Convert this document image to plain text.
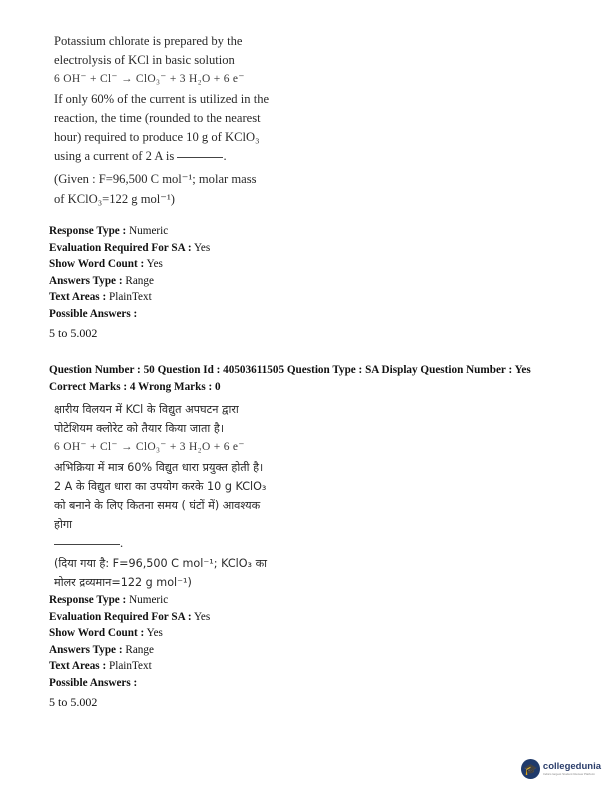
Potassium chlorate is prepared by the

electrolysis of KCl in basic solution

6 OH⁻ + Cl⁻ → ClO₃⁻ + 3 H₂O + 6 e⁻

If only 60% of the current is utilized in the

reaction, the time (rounded to the nearest

hour) required to produce 10 g of KClO₃

using a current of 2 A is	.

(Given : F=96,500 C mol⁻¹; molar mass

of KClO₃=122 g mol⁻¹)

Response Type : Numeric
Evaluation Required For SA : Yes
Show Word Count : Yes
Answers Type : Range
Text Areas : PlainText
Possible Answers :
5 to 5.002
Question Number : 50 Question Id : 40503611505 Question Type : SA Display Question Number : Yes
Correct Marks : 4 Wrong Marks : 0

क्षारीय विलयन में KCl के विद्युत अपघटन द्वारा

पोटेशियम क्लोरेट को तैयार किया जाता है।

6 OH⁻ + Cl⁻ → ClO₃⁻ + 3 H₂O + 6 e⁻

अभिक्रिया में मात्र 60% विद्युत धारा प्रयुक्त होती है।

2 A के विद्युत धारा का उपयोग करके 10 g KClO₃

को बनाने के लिए कितना समय ( घंटों में) आवश्यक

होगा

.

(दिया गया है: F=96,500 C mol⁻¹; KClO₃ का

मोलर द्रव्यमान=122 g mol⁻¹)

Response Type : Numeric
Evaluation Required For SA : Yes
Show Word Count : Yes
Answers Type : Range
Text Areas : PlainText
Possible Answers :
5 to 5.002
🎓 collegedunia
India's largest Student Review Platform
